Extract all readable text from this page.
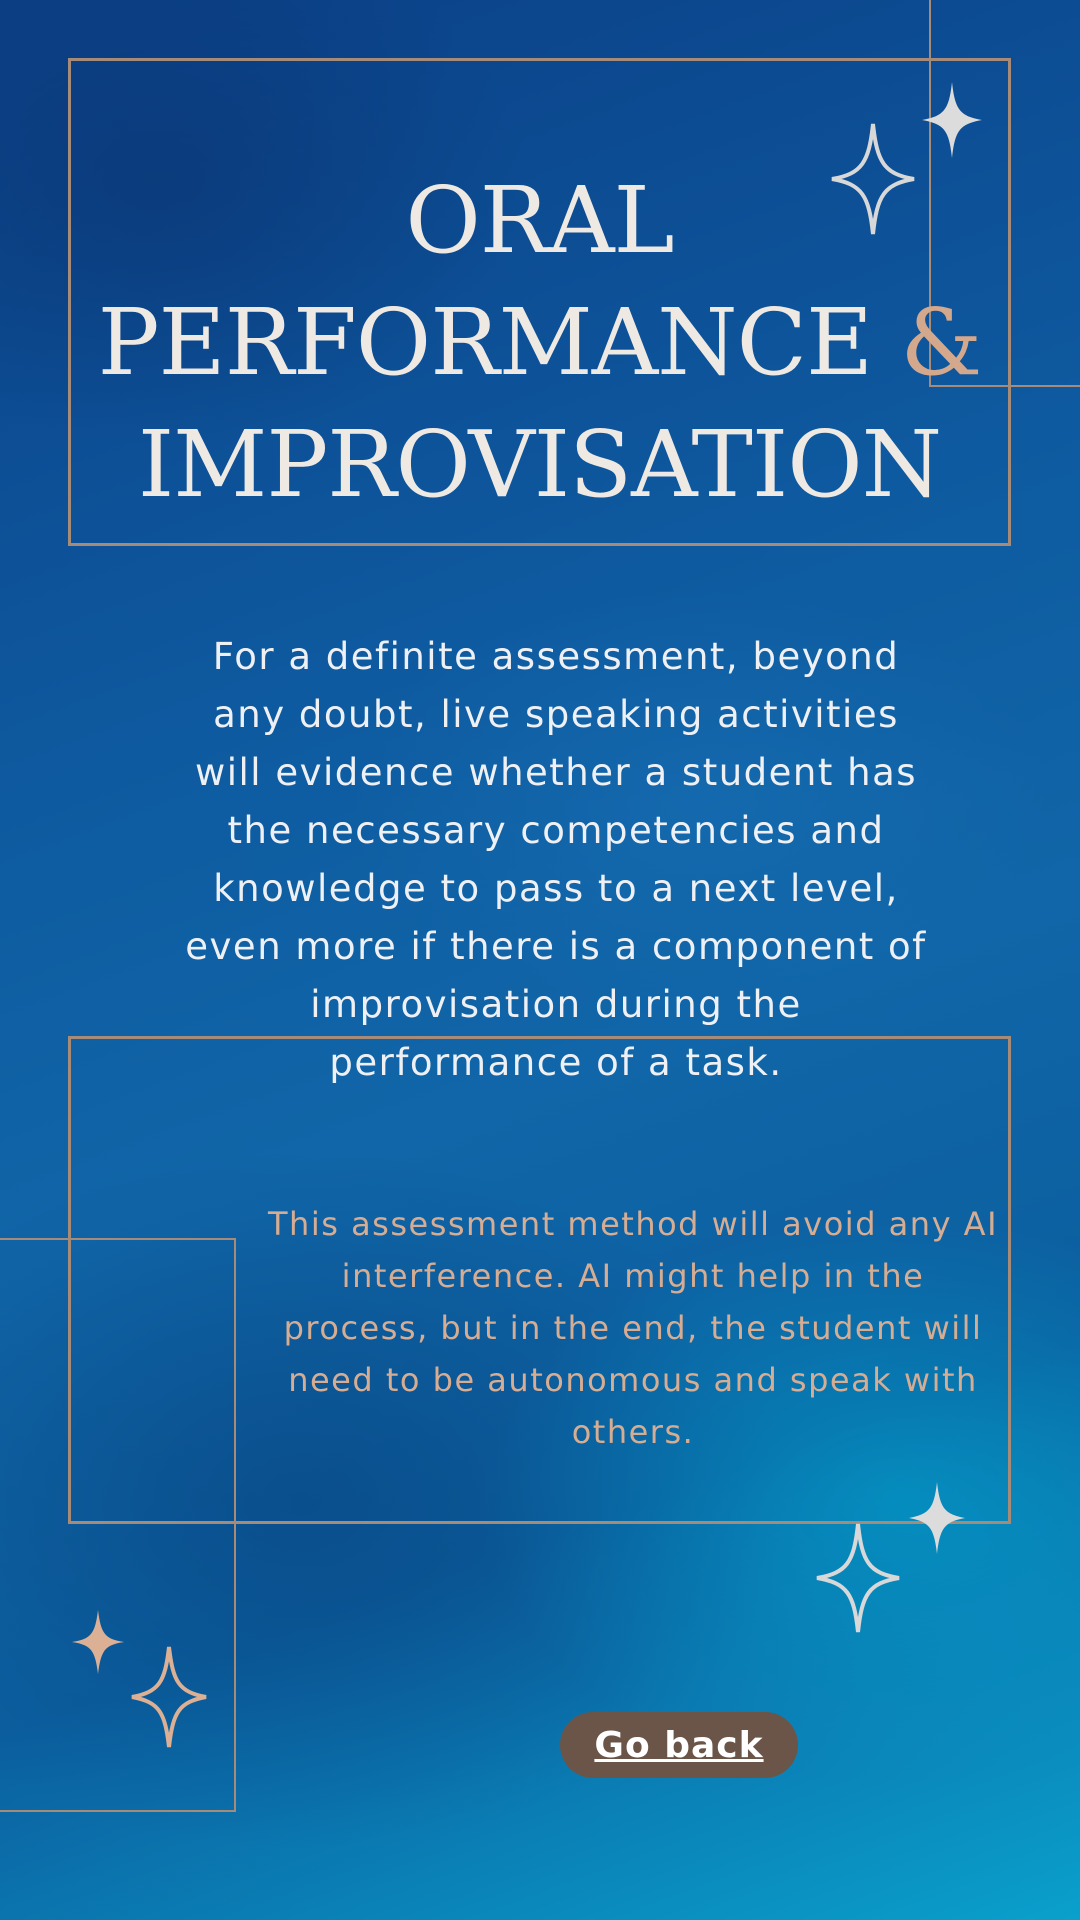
ORAL
PERFORMANCE &
IMPROVISATION

For a definite assessment, beyond any doubt, live speaking activities will evidence whether a student has the necessary competencies and knowledge to pass to a next level, even more if there is a component of improvisation during the performance of a task.

This assessment method will avoid any AI interference. AI might help in the process, but in the end, the student will need to be autonomous and speak with others.

Go back
